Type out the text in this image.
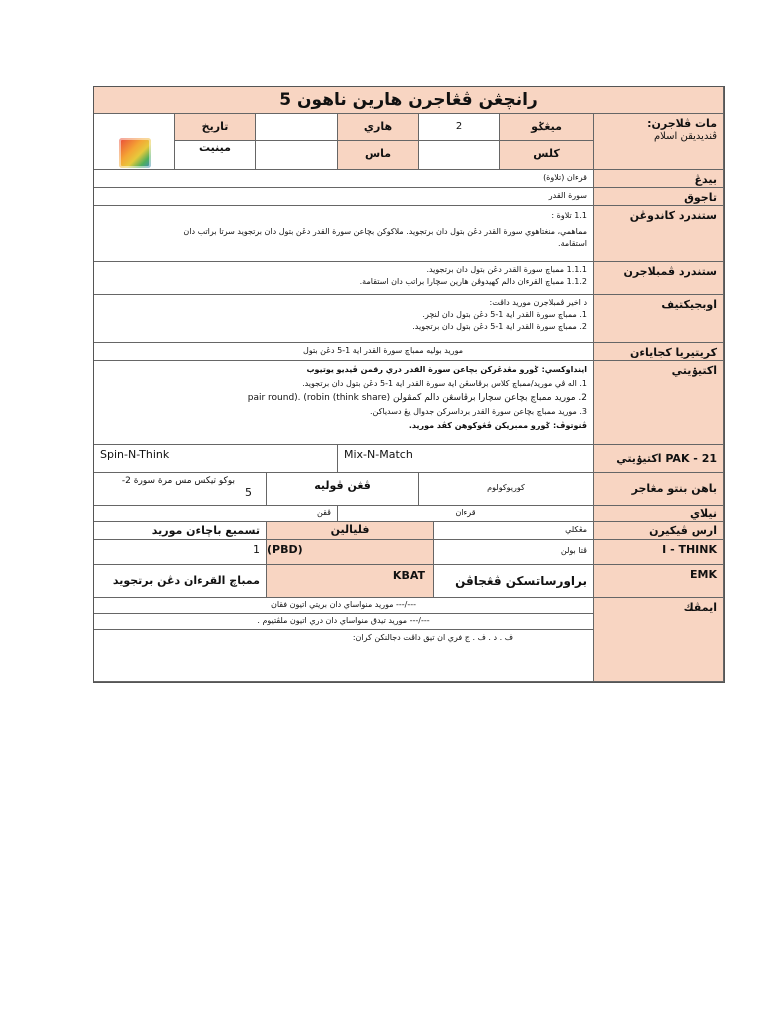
رانچڠن ڤڠاجرن هارين ناهون 5
مات ڤلاجرن:
ڤنديديقن اسلام
ميڠݢو
2
هاري
تاريخ
كلس
ماس
مينيت
بيدڠ
قرءان (تلاوة)
تاجوق
سورة القدر
ستندرد كاندوڠن
1.1 تلاوة :
مماهمي، منغتاهوي سورة القدر دڠن بتول دان برتجويد. ملاكوكن بچاعن سورة القدر دڠن بتول دان برتجويد سرتا براتب دان
استقامة.
ستندرد ڤمبلاجرن
1.1.1 ممباچ سورة القدر دڠن بتول دان برتجويد.
1.1.2 ممباچ القرءان دالم كهيدوڤن هارين سچارا براتب دان استقامة.
اوبجيكتيف
د اخير ڤمبلاجرن موريد داڤت:
1. ممباچ سورة القدر اية 1-5 دڠن بتول دان لنچر.
2. ممباچ سورة القدر اية 1-5 دڠن بتول دان برتجويد.
كريتيريا كجاياءن
موريد بوليه ممباچ سورة القدر اية 1-5 دڠن بتول
اكتيۏيتي
اينداوكسي: ݢورو مڠدڠركن بچاعن سورة القدر دري رقمن ڤيديو يوتيوب
1. اله ڤي موريد/ممباچ كلاس برڤاسڠن اية سورة القدر اية 1-5 دڠن بتول دان برتجويد.
2. موريد ممباچ بچاعن سچارا برڤاسڠن دالم كمڤولن (think share) pair round). (robin
3. موريد ممباچ بچاعن سورة القدر برداسركن جدوال يڠ دسدياكن.
ڤنوتوڤ: ݢورو ممبريكن ڤڠوكوهن كڤد موريد.
PAK - 21 اكتيۏيتي
Mix-N-Match
Spin-N-Think
باهن بنتو مڠاجر
كوريوکولوم
ڤڠن ڤوليه
بوكو تيكس مس مرة سورة 2-
5
نيلاي
قرءان
ڤقن
ارس ڤيكيرن
مڠكلي
فليالين
تسميع باچاءن موريد
I - THINK
ڤتا بولن
(PBD)
1
EMK
براورساتسكن ڤڠجاڤن
KBAT
ممباچ القرءان دڠن برتجويد
ايمڤك
---/--- موريد منواساي دان بريتي اتيون فقان
---/--- موريد تيدق منواساي دان دري اتيون ملڤتيوم .
ف . د . ف . ج فري ان تيق داڤت دجالنكن كران:
